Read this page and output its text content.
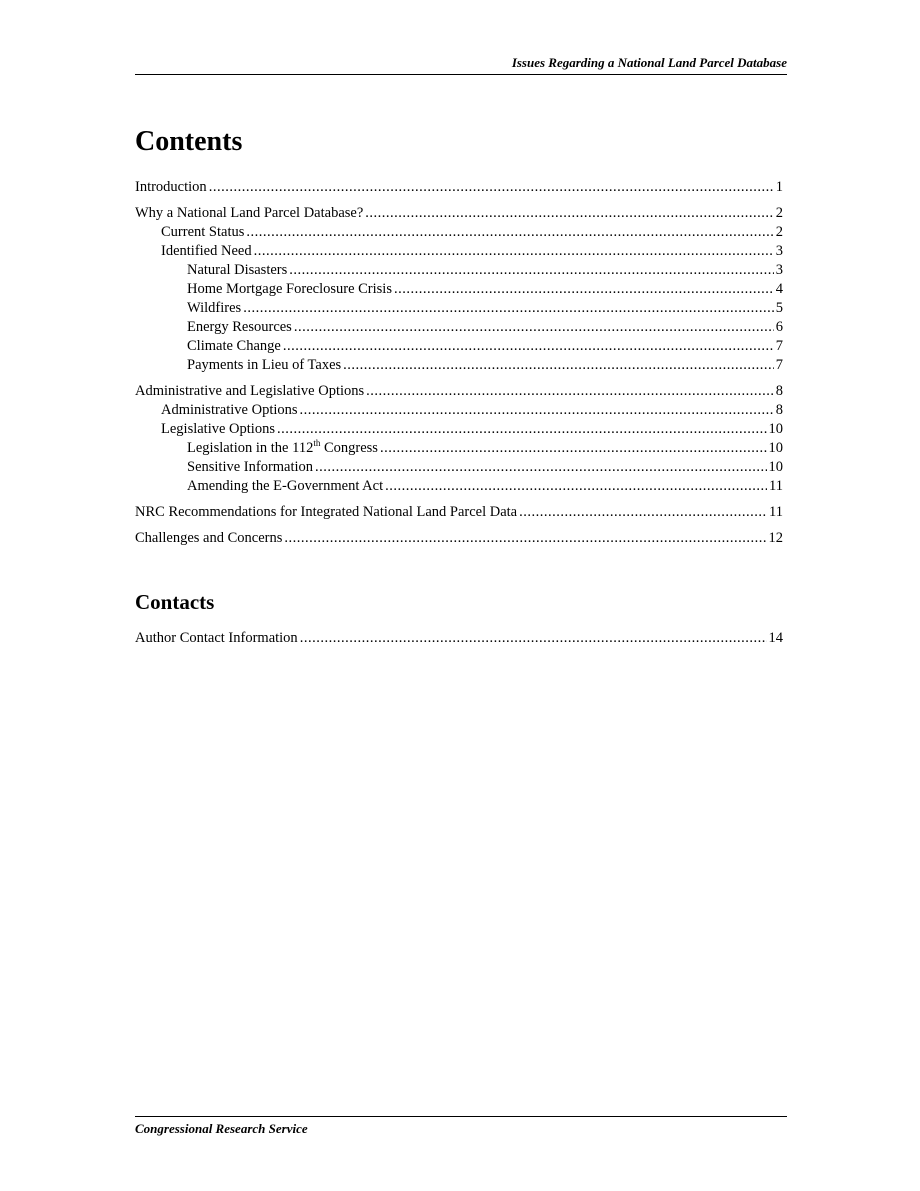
Issues Regarding a National Land Parcel Database
Contents
Introduction .....	1
Why a National Land Parcel Database? .....	2
Current Status .....	2
Identified Need .....	3
Natural Disasters .....	3
Home Mortgage Foreclosure Crisis .....	4
Wildfires .....	5
Energy Resources .....	6
Climate Change .....	7
Payments in Lieu of Taxes .....	7
Administrative and Legislative Options .....	8
Administrative Options .....	8
Legislative Options .....	10
Legislation in the 112th Congress .....	10
Sensitive Information .....	10
Amending the E-Government Act .....	11
NRC Recommendations for Integrated National Land Parcel Data .....	11
Challenges and Concerns .....	12
Contacts
Author Contact Information .....	14
Congressional Research Service
